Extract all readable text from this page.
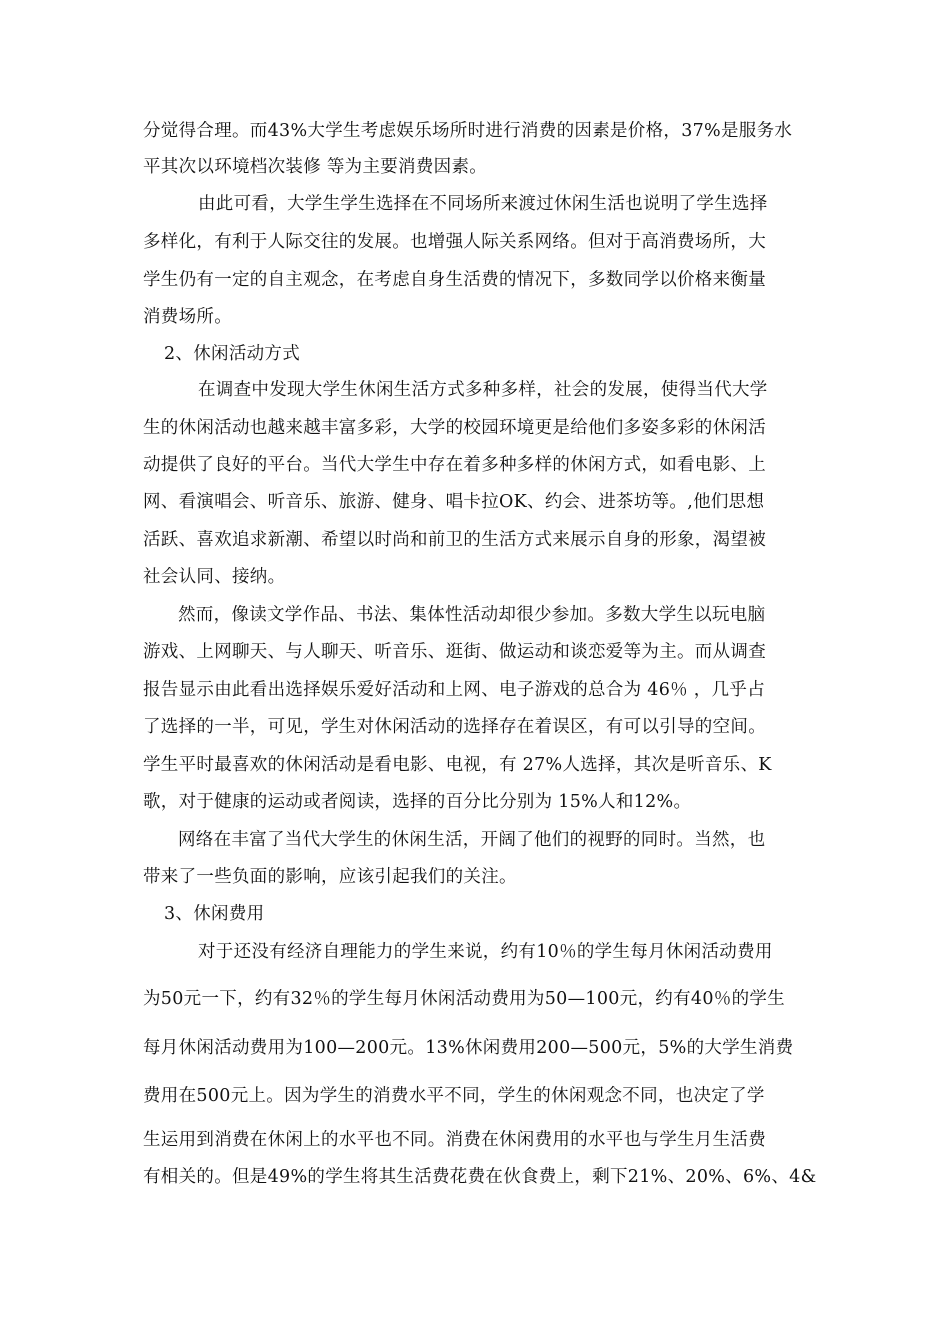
分觉得合理。而43%大学生考虑娱乐场所时进行消费的因素是价格，37%是服务水
平其次以环境档次装修 等为主要消费因素。
由此可看，大学生学生选择在不同场所来渡过休闲生活也说明了学生选择
多样化，有利于人际交往的发展。也增强人际关系网络。但对于高消费场所，大
学生仍有一定的自主观念，在考虑自身生活费的情况下，多数同学以价格来衡量
消费场所。
2、休闲活动方式
在调查中发现大学生休闲生活方式多种多样，社会的发展，使得当代大学
生的休闲活动也越来越丰富多彩，大学的校园环境更是给他们多姿多彩的休闲活
动提供了良好的平台。当代大学生中存在着多种多样的休闲方式，如看电影、上
网、看演唱会、听音乐、旅游、健身、唱卡拉OK、约会、进茶坊等。,他们思想
活跃、喜欢追求新潮、希望以时尚和前卫的生活方式来展示自身的形象，渴望被
社会认同、接纳。
然而，像读文学作品、书法、集体性活动却很少参加。多数大学生以玩电脑
游戏、上网聊天、与人聊天、听音乐、逛街、做运动和谈恋爱等为主。而从调查
报告显示由此看出选择娱乐爱好活动和上网、电子游戏的总合为 46％ ，几乎占
了选择的一半，可见，学生对休闲活动的选择存在着误区，有可以引导的空间。
学生平时最喜欢的休闲活动是看电影、电视，有 27%人选择，其次是听音乐、K
歌，对于健康的运动或者阅读，选择的百分比分别为 15%人和12%。
网络在丰富了当代大学生的休闲生活，开阔了他们的视野的同时。当然，也
带来了一些负面的影响，应该引起我们的关注。
3、休闲费用
对于还没有经济自理能力的学生来说，约有10％的学生每月休闲活动费用
为50元一下，约有32％的学生每月休闲活动费用为50—100元，约有40％的学生
每月休闲活动费用为100—200元。13%休闲费用200—500元，5%的大学生消费
费用在500元上。因为学生的消费水平不同，学生的休闲观念不同，也决定了学
生运用到消费在休闲上的水平也不同。消费在休闲费用的水平也与学生月生活费
有相关的。但是49%的学生将其生活费花费在伙食费上，剩下21%、20%、6%、4&
